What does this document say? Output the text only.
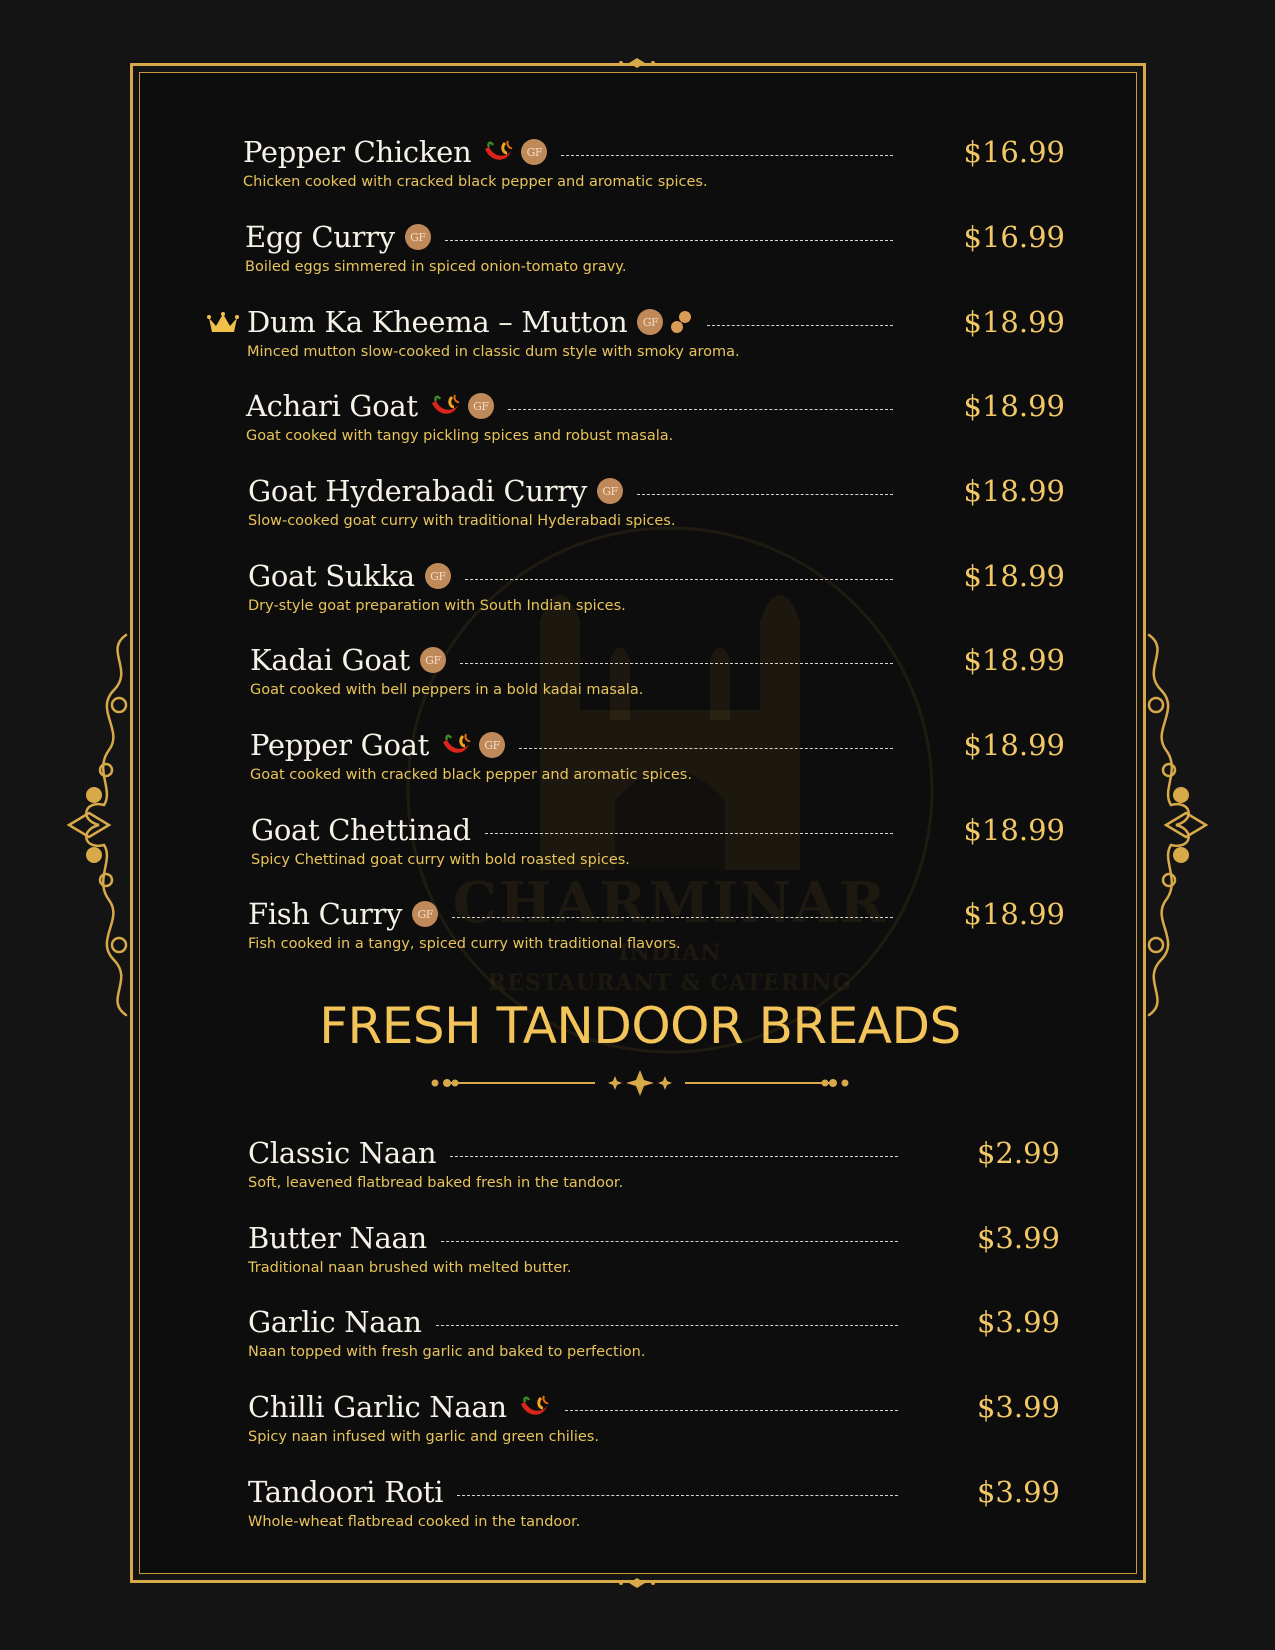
CHARMINAR
INDIAN
RESTAURANT & CATERING
Pepper Chicken	GF	$16.99
Chicken cooked with cracked black pepper and aromatic spices.
Egg Curry	GF	$16.99
Boiled eggs simmered in spiced onion-tomato gravy.
Dum Ka Kheema – Mutton	GF	$18.99
Minced mutton slow-cooked in classic dum style with smoky aroma.
Achari Goat	GF	$18.99
Goat cooked with tangy pickling spices and robust masala.
Goat Hyderabadi Curry	GF	$18.99
Slow-cooked goat curry with traditional Hyderabadi spices.
Goat Sukka	GF	$18.99
Dry-style goat preparation with South Indian spices.
Kadai Goat	GF	$18.99
Goat cooked with bell peppers in a bold kadai masala.
Pepper Goat	GF	$18.99
Goat cooked with cracked black pepper and aromatic spices.
Goat Chettinad	$18.99
Spicy Chettinad goat curry with bold roasted spices.
Fish Curry	GF	$18.99
Fish cooked in a tangy, spiced curry with traditional flavors.
FRESH TANDOOR BREADS
Classic Naan	$2.99
Soft, leavened flatbread baked fresh in the tandoor.
Butter Naan	$3.99
Traditional naan brushed with melted butter.
Garlic Naan	$3.99
Naan topped with fresh garlic and baked to perfection.
Chilli Garlic Naan	$3.99
Spicy naan infused with garlic and green chilies.
Tandoori Roti	$3.99
Whole-wheat flatbread cooked in the tandoor.
